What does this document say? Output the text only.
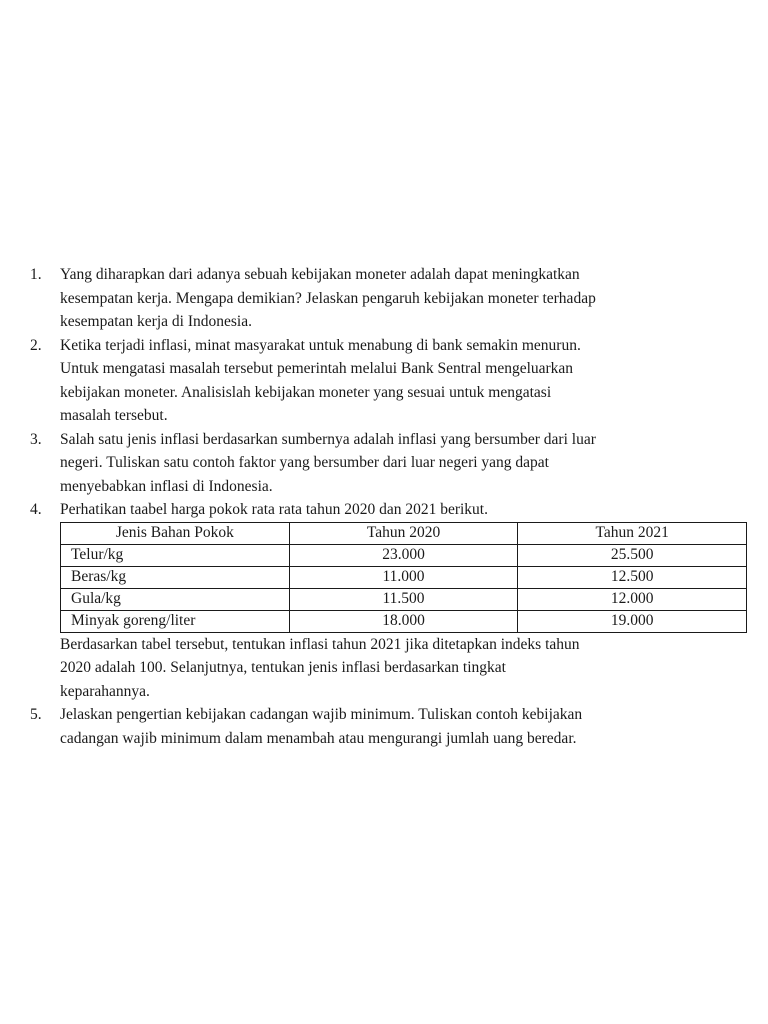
1. Yang diharapkan dari adanya sebuah kebijakan moneter adalah dapat meningkatkan
kesempatan kerja. Mengapa demikian? Jelaskan pengaruh kebijakan moneter terhadap
kesempatan kerja di Indonesia.
2. Ketika terjadi inflasi, minat masyarakat untuk menabung di bank semakin menurun.
Untuk mengatasi masalah tersebut pemerintah melalui Bank Sentral mengeluarkan
kebijakan moneter. Analisislah kebijakan moneter yang sesuai untuk mengatasi
masalah tersebut.
3. Salah satu jenis inflasi berdasarkan sumbernya adalah inflasi yang bersumber dari luar
negeri. Tuliskan satu contoh faktor yang bersumber dari luar negeri yang dapat
menyebabkan inflasi di Indonesia.
4. Perhatikan taabel harga pokok rata rata tahun 2020 dan 2021 berikut.
Jenis Bahan Pokok	Tahun 2020	Tahun 2021
Telur/kg	23.000	25.500
Beras/kg	11.000	12.500
Gula/kg	11.500	12.000
Minyak goreng/liter	18.000	19.000
Berdasarkan tabel tersebut, tentukan inflasi tahun 2021 jika ditetapkan indeks tahun
2020 adalah 100. Selanjutnya, tentukan jenis inflasi berdasarkan tingkat
keparahannya.
5. Jelaskan pengertian kebijakan cadangan wajib minimum. Tuliskan contoh kebijakan
cadangan wajib minimum dalam menambah atau mengurangi jumlah uang beredar.
